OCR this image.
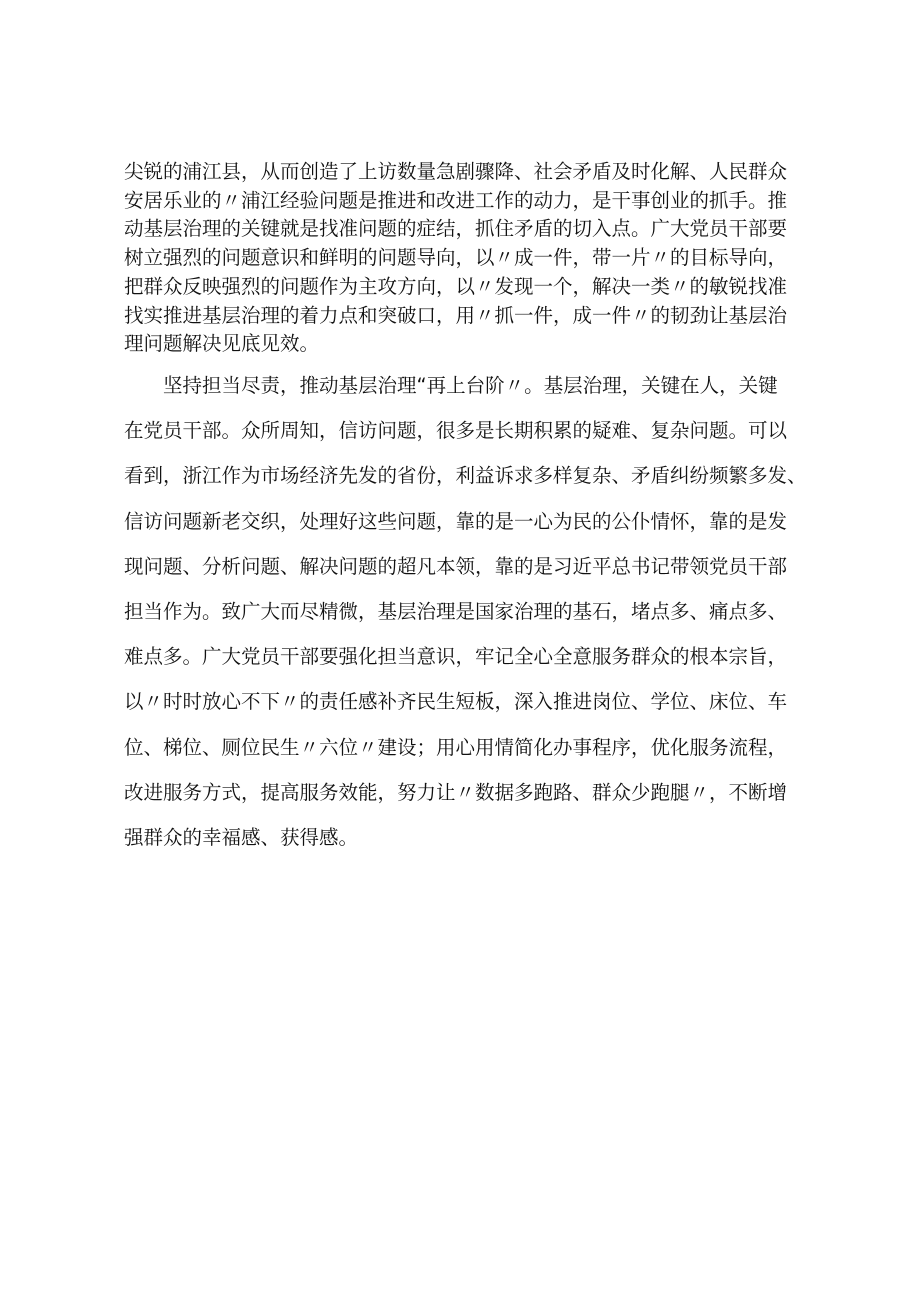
尖锐的浦江县，从而创造了上访数量急剧骤降、社会矛盾及时化解、人民群众
安居乐业的〃浦江经验问题是推进和改进工作的动力，是干事创业的抓手。推
动基层治理的关键就是找准问题的症结，抓住矛盾的切入点。广大党员干部要
树立强烈的问题意识和鲜明的问题导向，以〃成一件，带一片〃的目标导向，
把群众反映强烈的问题作为主攻方向，以〃发现一个，解决一类〃的敏锐找准
找实推进基层治理的着力点和突破口，用〃抓一件，成一件〃的韧劲让基层治
理问题解决见底见效。

　　坚持担当尽责，推动基层治理“再上台阶〃。基层治理，关键在人，关键
在党员干部。众所周知，信访问题，很多是长期积累的疑难、复杂问题。可以
看到，浙江作为市场经济先发的省份，利益诉求多样复杂、矛盾纠纷频繁多发、
信访问题新老交织，处理好这些问题，靠的是一心为民的公仆情怀，靠的是发
现问题、分析问题、解决问题的超凡本领，靠的是习近平总书记带领党员干部
担当作为。致广大而尽精微，基层治理是国家治理的基石，堵点多、痛点多、
难点多。广大党员干部要强化担当意识，牢记全心全意服务群众的根本宗旨，
以〃时时放心不下〃的责任感补齐民生短板，深入推进岗位、学位、床位、车
位、梯位、厕位民生〃六位〃建设；用心用情简化办事程序，优化服务流程，
改进服务方式，提高服务效能，努力让〃数据多跑路、群众少跑腿〃，不断增
强群众的幸福感、获得感。
